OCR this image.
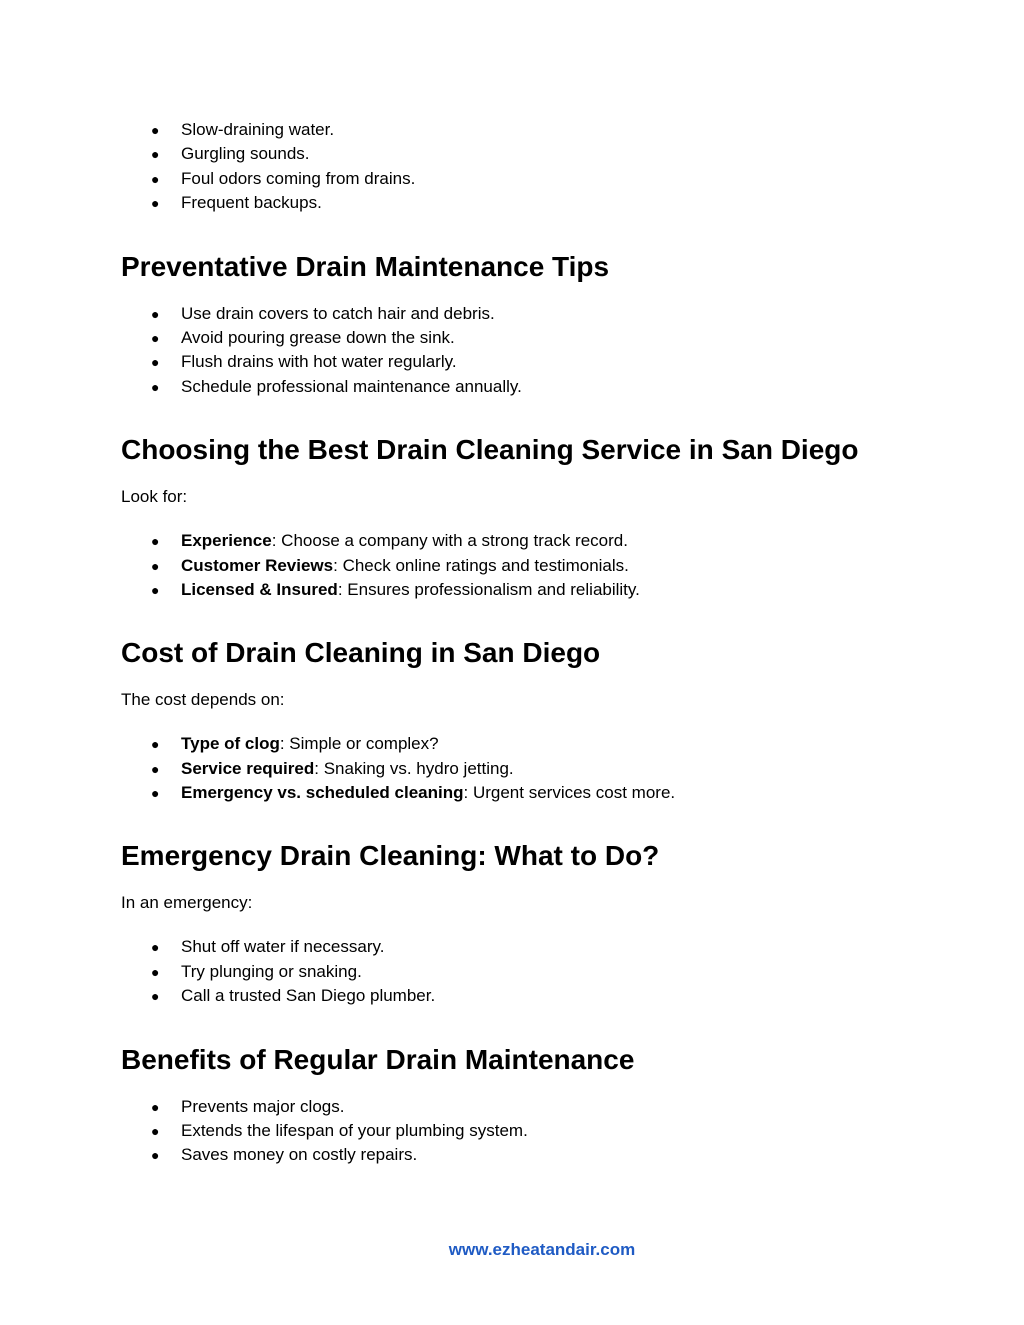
● Slow-draining water.
● Gurgling sounds.
● Foul odors coming from drains.
● Frequent backups.
Preventative Drain Maintenance Tips
● Use drain covers to catch hair and debris.
● Avoid pouring grease down the sink.
● Flush drains with hot water regularly.
● Schedule professional maintenance annually.
Choosing the Best Drain Cleaning Service in San Diego

Look for:

● Experience: Choose a company with a strong track record.
● Customer Reviews: Check online ratings and testimonials.
● Licensed & Insured: Ensures professionalism and reliability.
Cost of Drain Cleaning in San Diego

The cost depends on:

● Type of clog: Simple or complex?
● Service required: Snaking vs. hydro jetting.
● Emergency vs. scheduled cleaning: Urgent services cost more.
Emergency Drain Cleaning: What to Do?

In an emergency:

● Shut off water if necessary.
● Try plunging or snaking.
● Call a trusted San Diego plumber.
Benefits of Regular Drain Maintenance
● Prevents major clogs.
● Extends the lifespan of your plumbing system.
● Saves money on costly repairs.
www.ezheatandair.com
